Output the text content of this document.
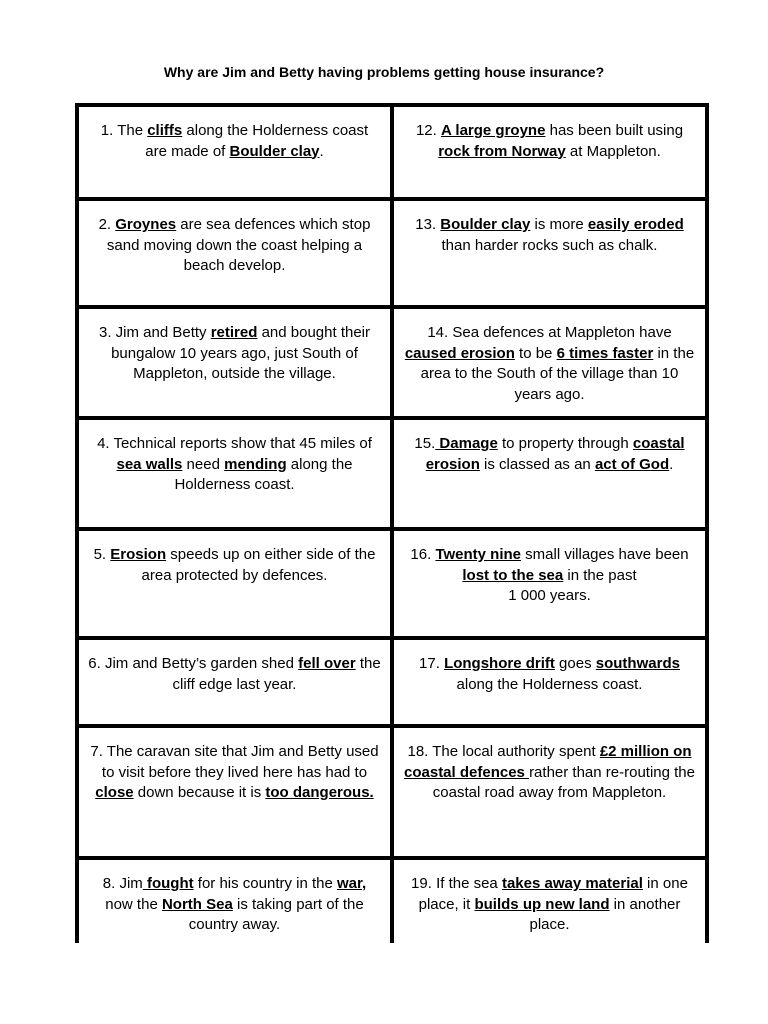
Why are Jim and Betty having problems getting house insurance?
1. The cliffs along the Holderness coast are made of Boulder clay.
12. A large groyne has been built using rock from Norway at Mappleton.
2. Groynes are sea defences which stop sand moving down the coast helping a beach develop.
13. Boulder clay is more easily eroded than harder rocks such as chalk.
3. Jim and Betty retired and bought their bungalow 10 years ago, just South of Mappleton, outside the village.
14. Sea defences at Mappleton have caused erosion to be 6 times faster in the area to the South of the village than 10 years ago.
4. Technical reports show that 45 miles of sea walls need mending along the Holderness coast.
15. Damage to property through coastal erosion is classed as an act of God.
5. Erosion speeds up on either side of the area protected by defences.
16. Twenty nine small villages have been lost to the sea in the past
1 000 years.
6. Jim and Betty’s garden shed fell over the cliff edge last year.
17. Longshore drift goes southwards along the Holderness coast.
7. The caravan site that Jim and Betty used to visit before they lived here has had to close down because it is too dangerous.
18. The local authority spent £2 million on coastal defences rather than re-routing the coastal road away from Mappleton.
8. Jim fought for his country in the war, now the North Sea is taking part of the country away.
19. If the sea takes away material in one place, it builds up new land in another place.
